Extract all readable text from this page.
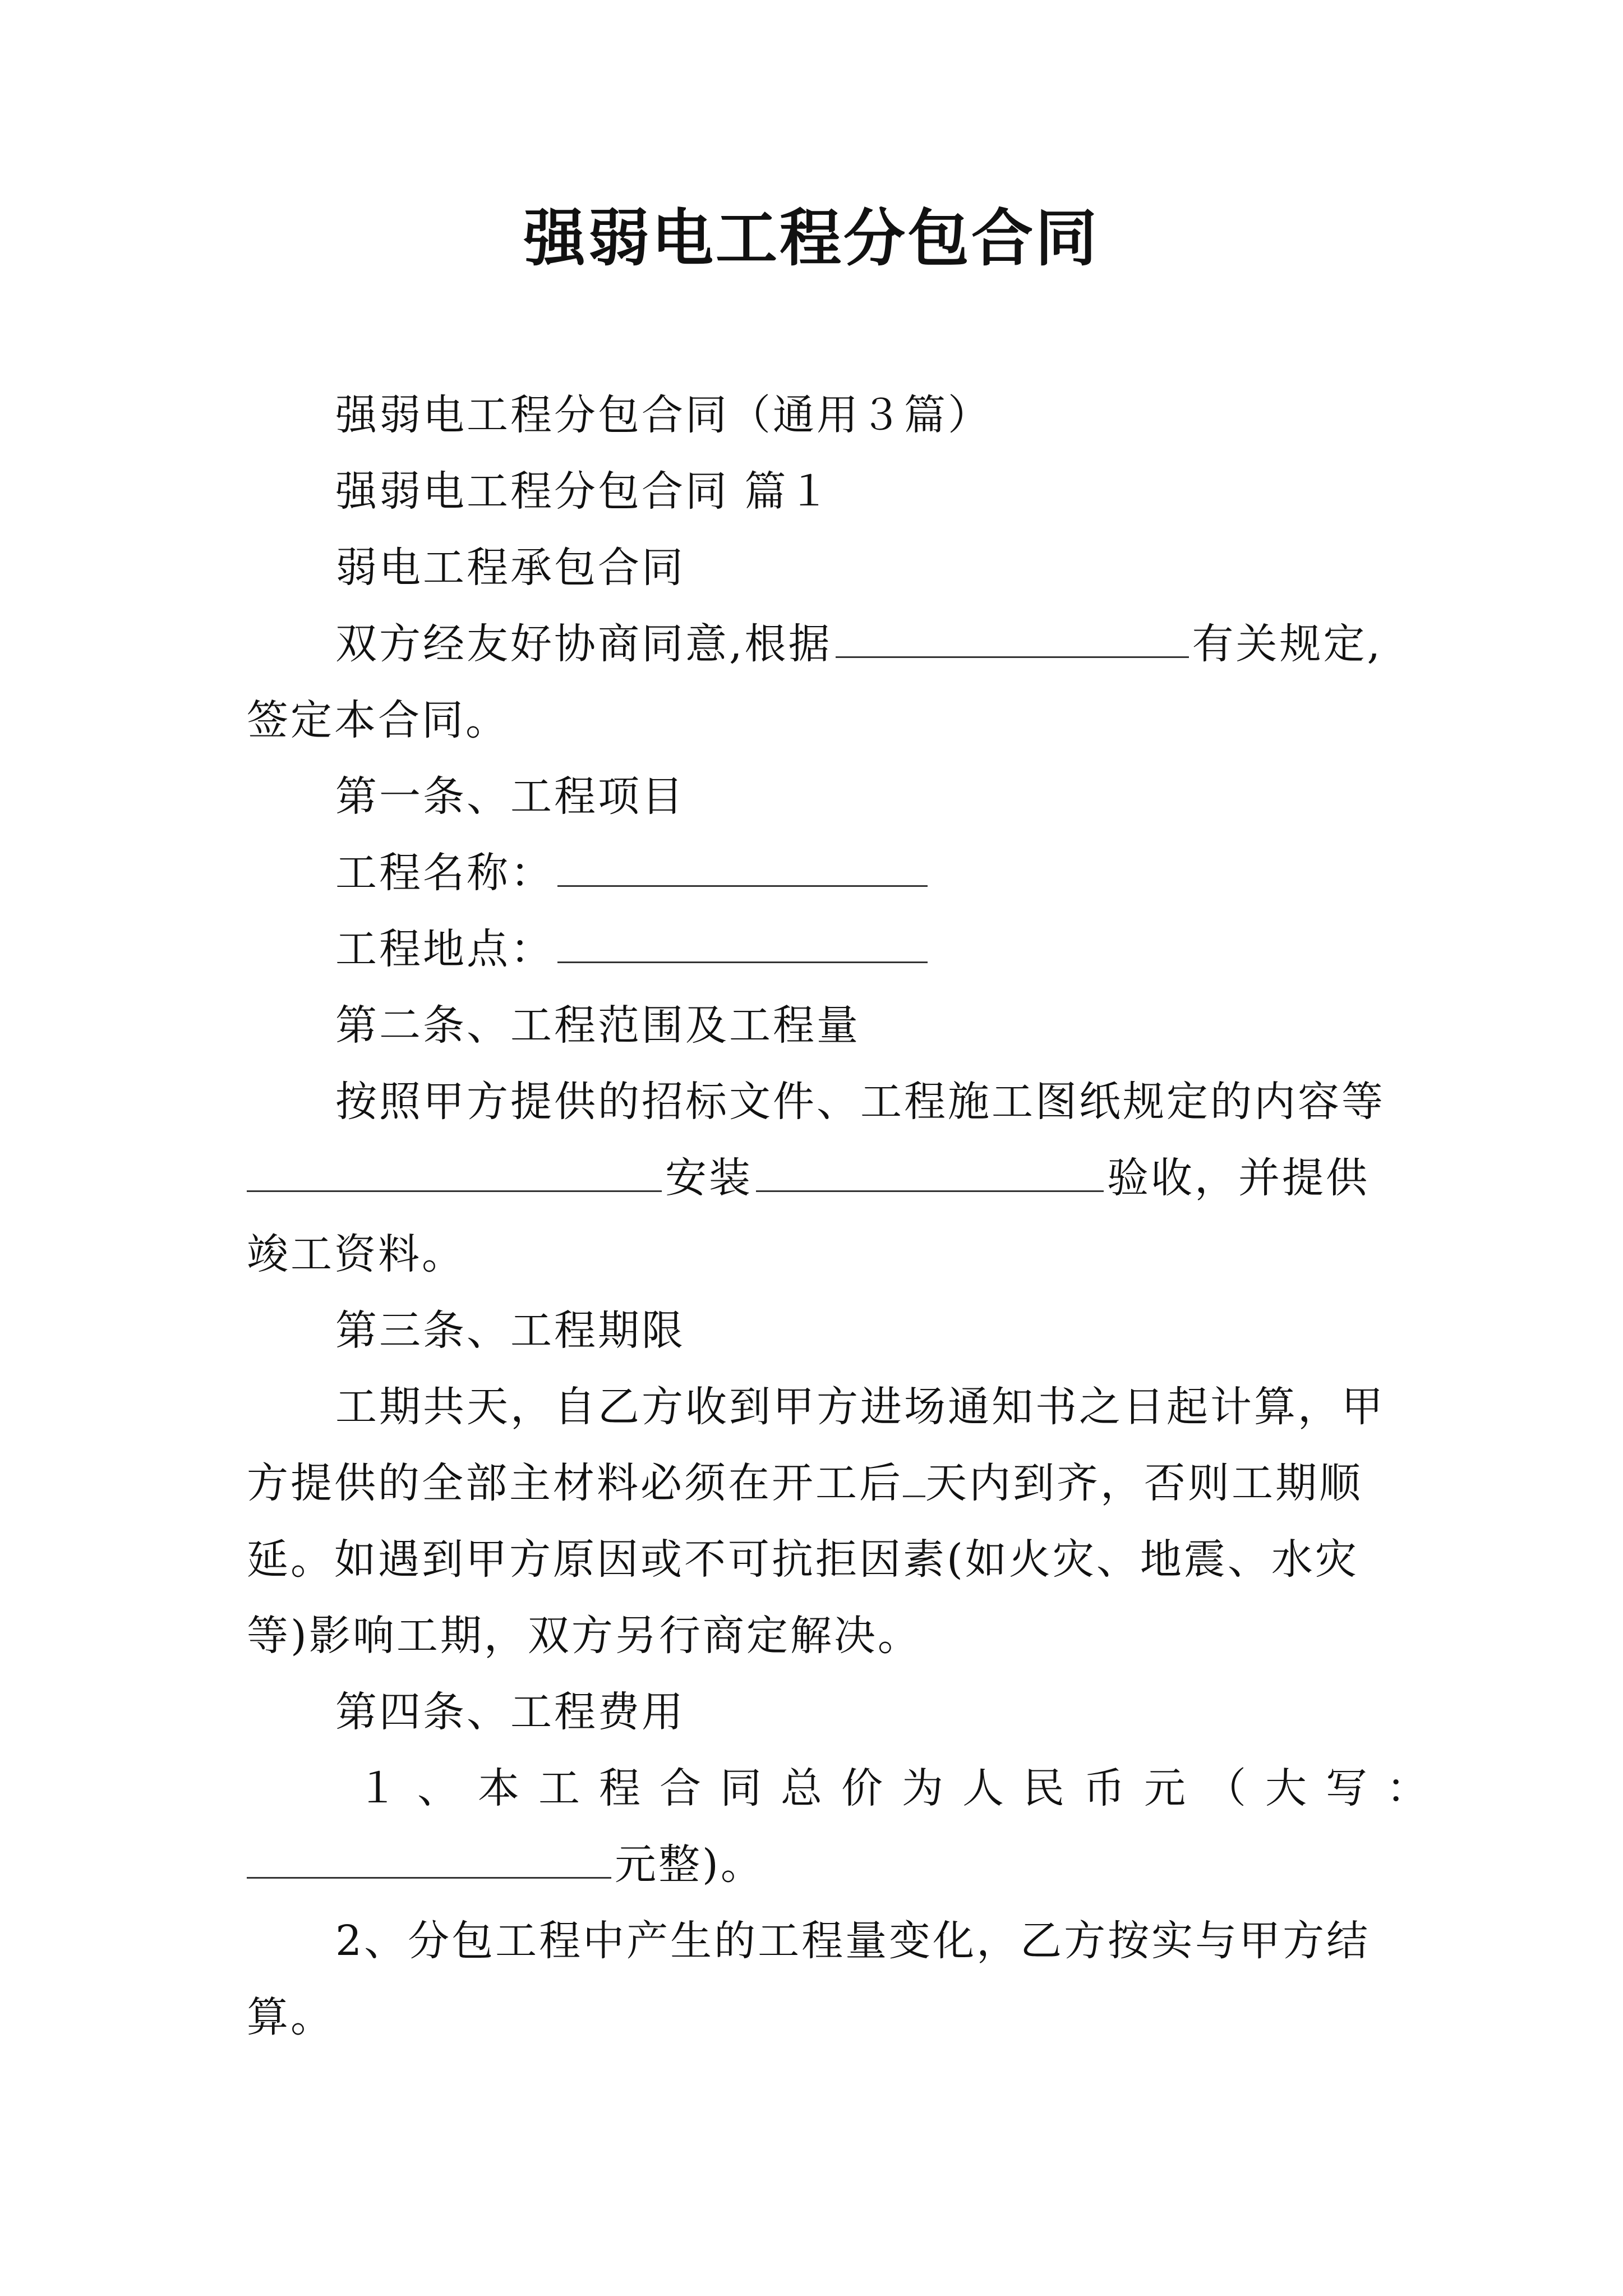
强弱电工程分包合同
强弱电工程分包合同（通用３篇）
强弱电工程分包合同 篇１
弱电工程承包合同
双方经友好协商同意,根据	有关规定,
签定本合同。
第一条、工程项目
工程名称：
工程地点：
第二条、工程范围及工程量
按照甲方提供的招标文件、工程施工图纸规定的内容等
安装	验收，并提供
竣工资料。
第三条、工程期限
工期共天，自乙方收到甲方进场通知书之日起计算，甲
方提供的全部主材料必须在开工后 天内到齐，否则工期顺
延。如遇到甲方原因或不可抗拒因素(如火灾、地震、水灾
等)影响工期，双方另行商定解决。
第四条、工程费用
１、本工程合同总价为人民币元（大写：
元整)。
2、分包工程中产生的工程量变化，乙方按实与甲方结
算。
